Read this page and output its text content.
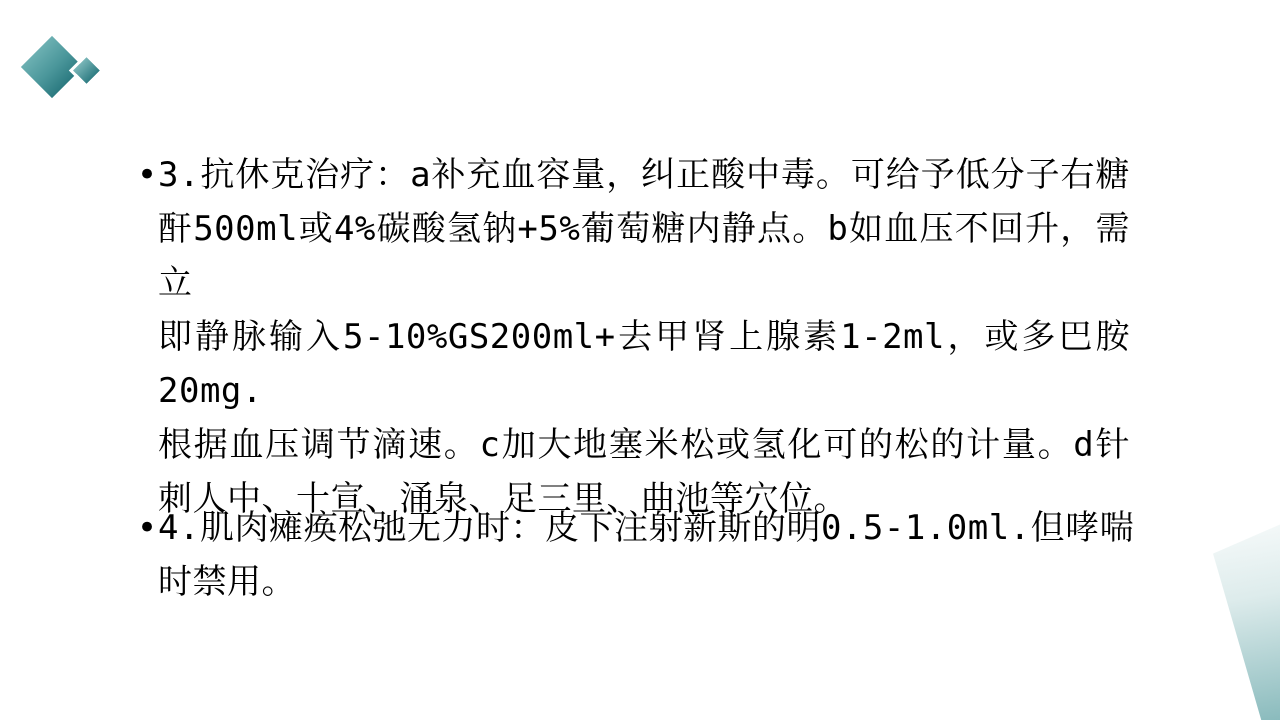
• 3.抗休克治疗：a补充血容量，纠正酸中毒。可给予低分子右糖
酐500ml或4%碳酸氢钠+5%葡萄糖内静点。b如血压不回升，需立
即静脉输入5-10%GS200ml+去甲肾上腺素1-2ml，或多巴胺20mg.
根据血压调节滴速。c加大地塞米松或氢化可的松的计量。d针
刺人中、十宣、涌泉、足三里、曲池等穴位。
• 4.肌肉瘫痪松弛无力时：皮下注射新斯的明0.5-1.0ml.但哮喘
时禁用。
